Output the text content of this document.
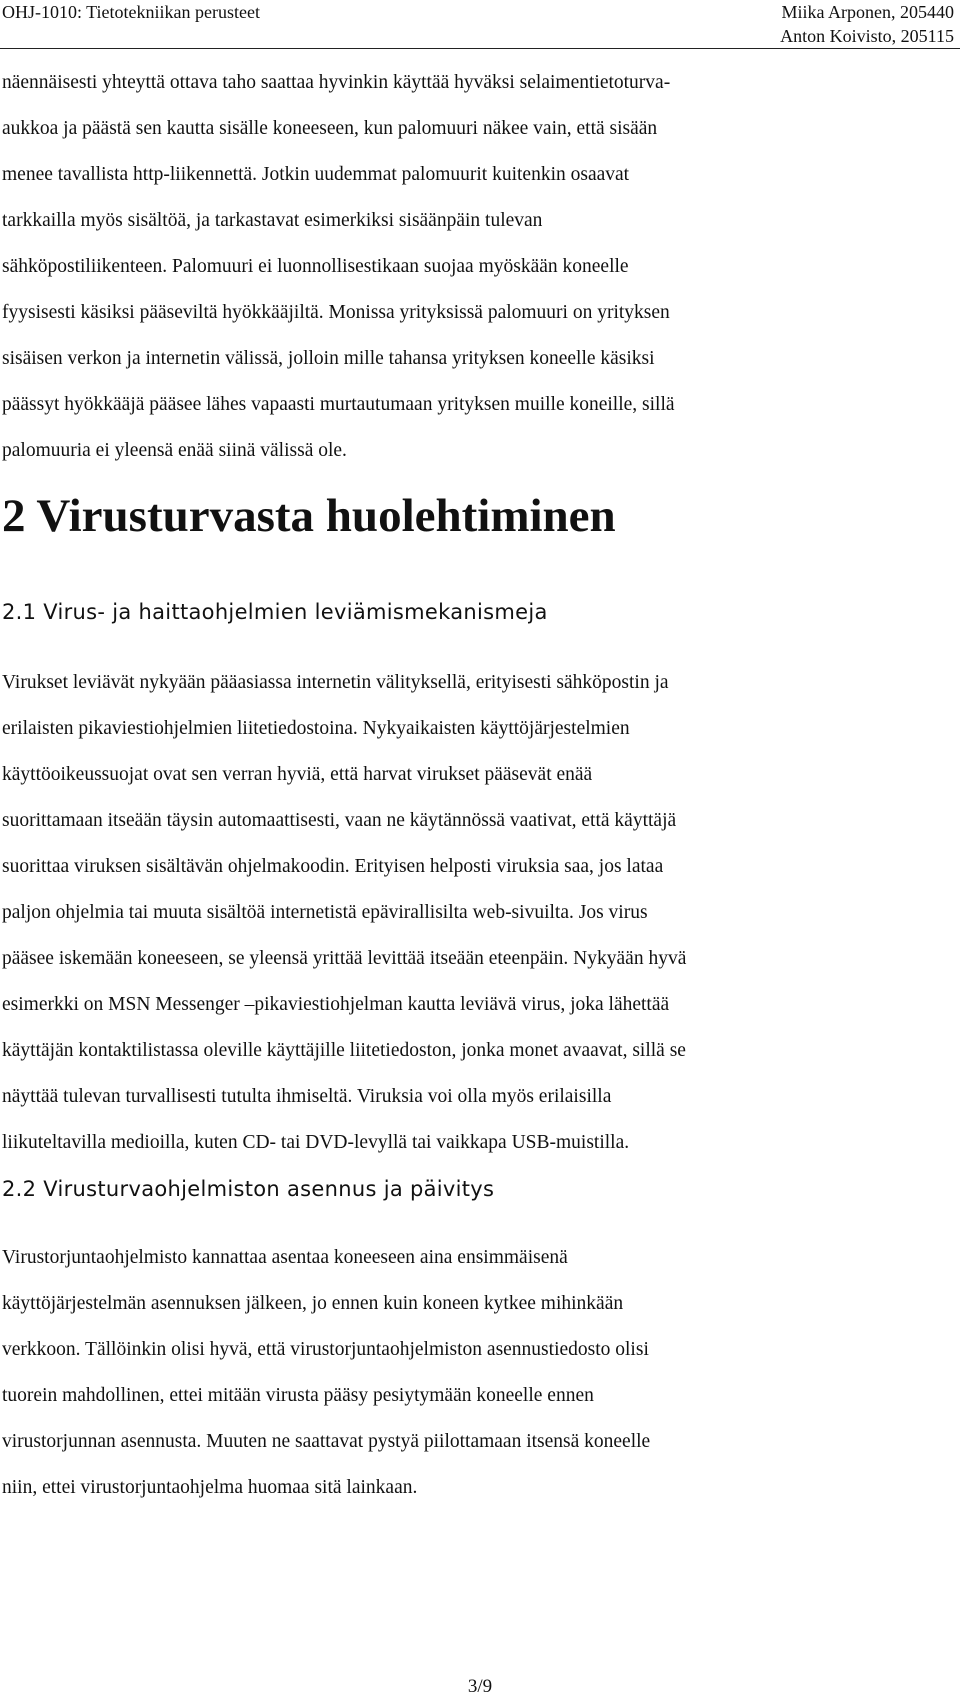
OHJ-1010: Tietotekniikan perusteet	Miika Arponen, 205440
Anton Koivisto, 205115

näennäisesti yhteyttä ottava taho saattaa hyvinkin käyttää hyväksi selaimentietoturva-
aukkoa ja päästä sen kautta sisälle koneeseen, kun palomuuri näkee vain, että sisään
menee tavallista http-liikennettä. Jotkin uudemmat palomuurit kuitenkin osaavat
tarkkailla myös sisältöä, ja tarkastavat esimerkiksi sisäänpäin tulevan
sähköpostiliikenteen. Palomuuri ei luonnollisestikaan suojaa myöskään koneelle
fyysisesti käsiksi pääseviltä hyökkääjiltä. Monissa yrityksissä palomuuri on yrityksen
sisäisen verkon ja internetin välissä, jolloin mille tahansa yrityksen koneelle käsiksi
päässyt hyökkääjä pääsee lähes vapaasti murtautumaan yrityksen muille koneille, sillä
palomuuria ei yleensä enää siinä välissä ole.

2 Virusturvasta huolehtiminen
2.1 Virus- ja haittaohjelmien leviämismekanismeja

Virukset leviävät nykyään pääasiassa internetin välityksellä, erityisesti sähköpostin ja
erilaisten pikaviestiohjelmien liitetiedostoina. Nykyaikaisten käyttöjärjestelmien
käyttöoikeussuojat ovat sen verran hyviä, että harvat virukset pääsevät enää
suorittamaan itseään täysin automaattisesti, vaan ne käytännössä vaativat, että käyttäjä
suorittaa viruksen sisältävän ohjelmakoodin. Erityisen helposti viruksia saa, jos lataa
paljon ohjelmia tai muuta sisältöä internetistä epävirallisilta web-sivuilta. Jos virus
pääsee iskemään koneeseen, se yleensä yrittää levittää itseään eteenpäin. Nykyään hyvä
esimerkki on MSN Messenger –pikaviestiohjelman kautta leviävä virus, joka lähettää
käyttäjän kontaktilistassa oleville käyttäjille liitetiedoston, jonka monet avaavat, sillä se
näyttää tulevan turvallisesti tutulta ihmiseltä. Viruksia voi olla myös erilaisilla
liikuteltavilla medioilla, kuten CD- tai DVD-levyllä tai vaikkapa USB-muistilla.

2.2 Virusturvaohjelmiston asennus ja päivitys

Virustorjuntaohjelmisto kannattaa asentaa koneeseen aina ensimmäisenä
käyttöjärjestelmän asennuksen jälkeen, jo ennen kuin koneen kytkee mihinkään
verkkoon. Tällöinkin olisi hyvä, että virustorjuntaohjelmiston asennustiedosto olisi
tuorein mahdollinen, ettei mitään virusta pääsy pesiytymään koneelle ennen
virustorjunnan asennusta. Muuten ne saattavat pystyä piilottamaan itsensä koneelle
niin, ettei virustorjuntaohjelma huomaa sitä lainkaan.

3/9
